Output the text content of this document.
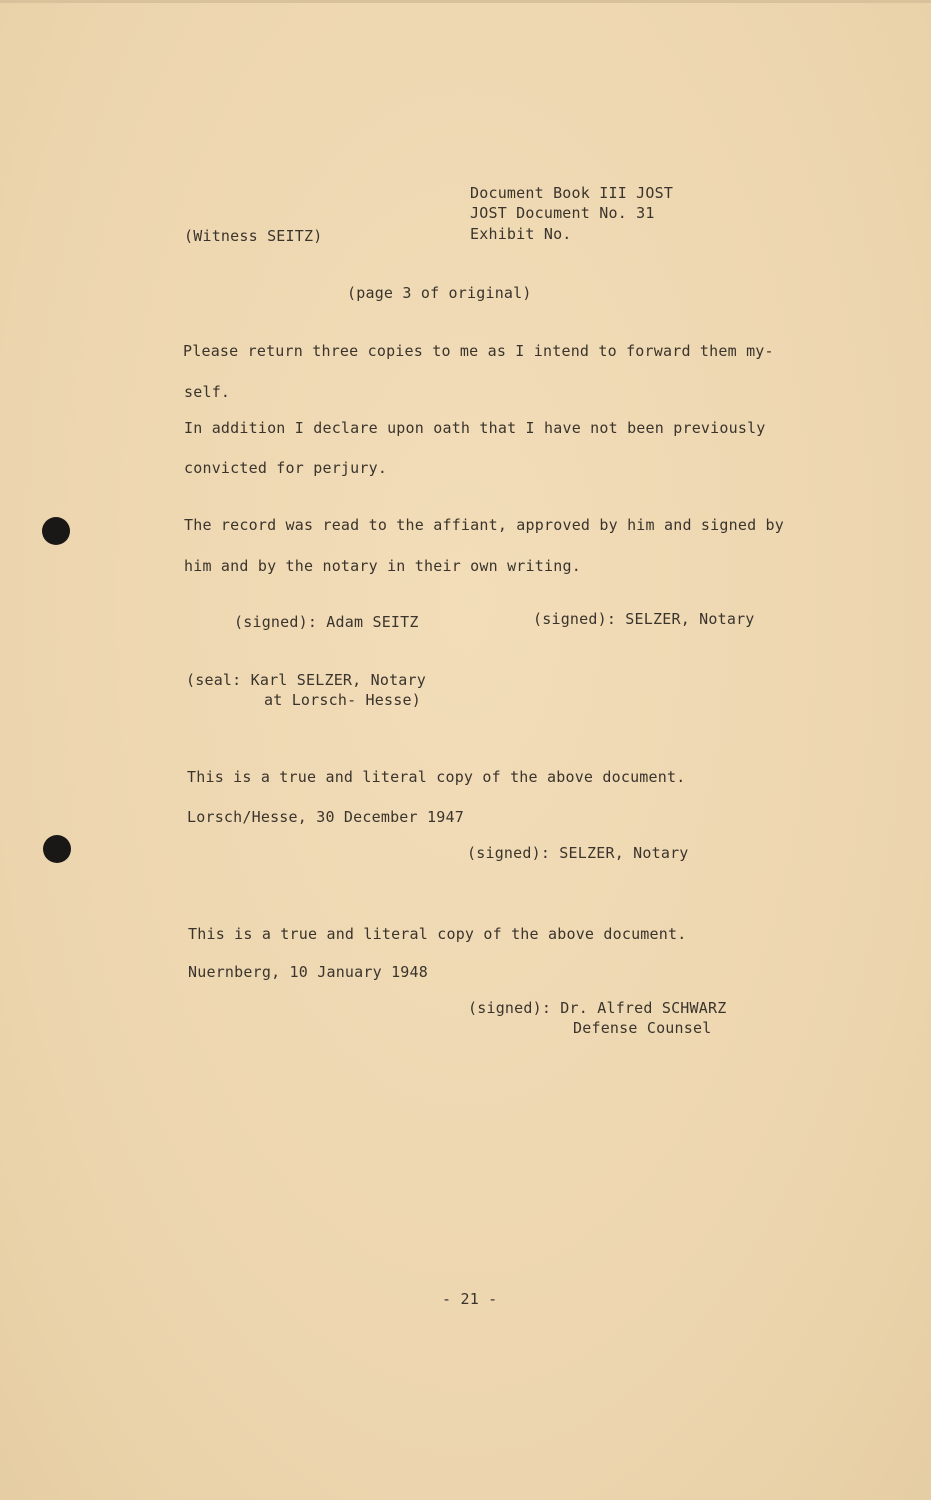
Document Book III JOST
JOST Document No. 31
Exhibit No.
(Witness SEITZ)
(page 3 of original)
Please return three copies to me as I intend to forward them my-
self.
In addition I declare upon oath that I have not been previously
convicted for perjury.
The record was read to the affiant, approved by him and signed by
him and by the notary in their own writing.
(signed): Adam SEITZ	(signed): SELZER, Notary
(seal: Karl SELZER, Notary
at Lorsch- Hesse)
This is a true and literal copy of the above document.
Lorsch/Hesse, 30 December 1947
(signed): SELZER, Notary
This is a true and literal copy of the above document.
Nuernberg, 10 January 1948
(signed): Dr. Alfred SCHWARZ
Defense Counsel
- 21 -
